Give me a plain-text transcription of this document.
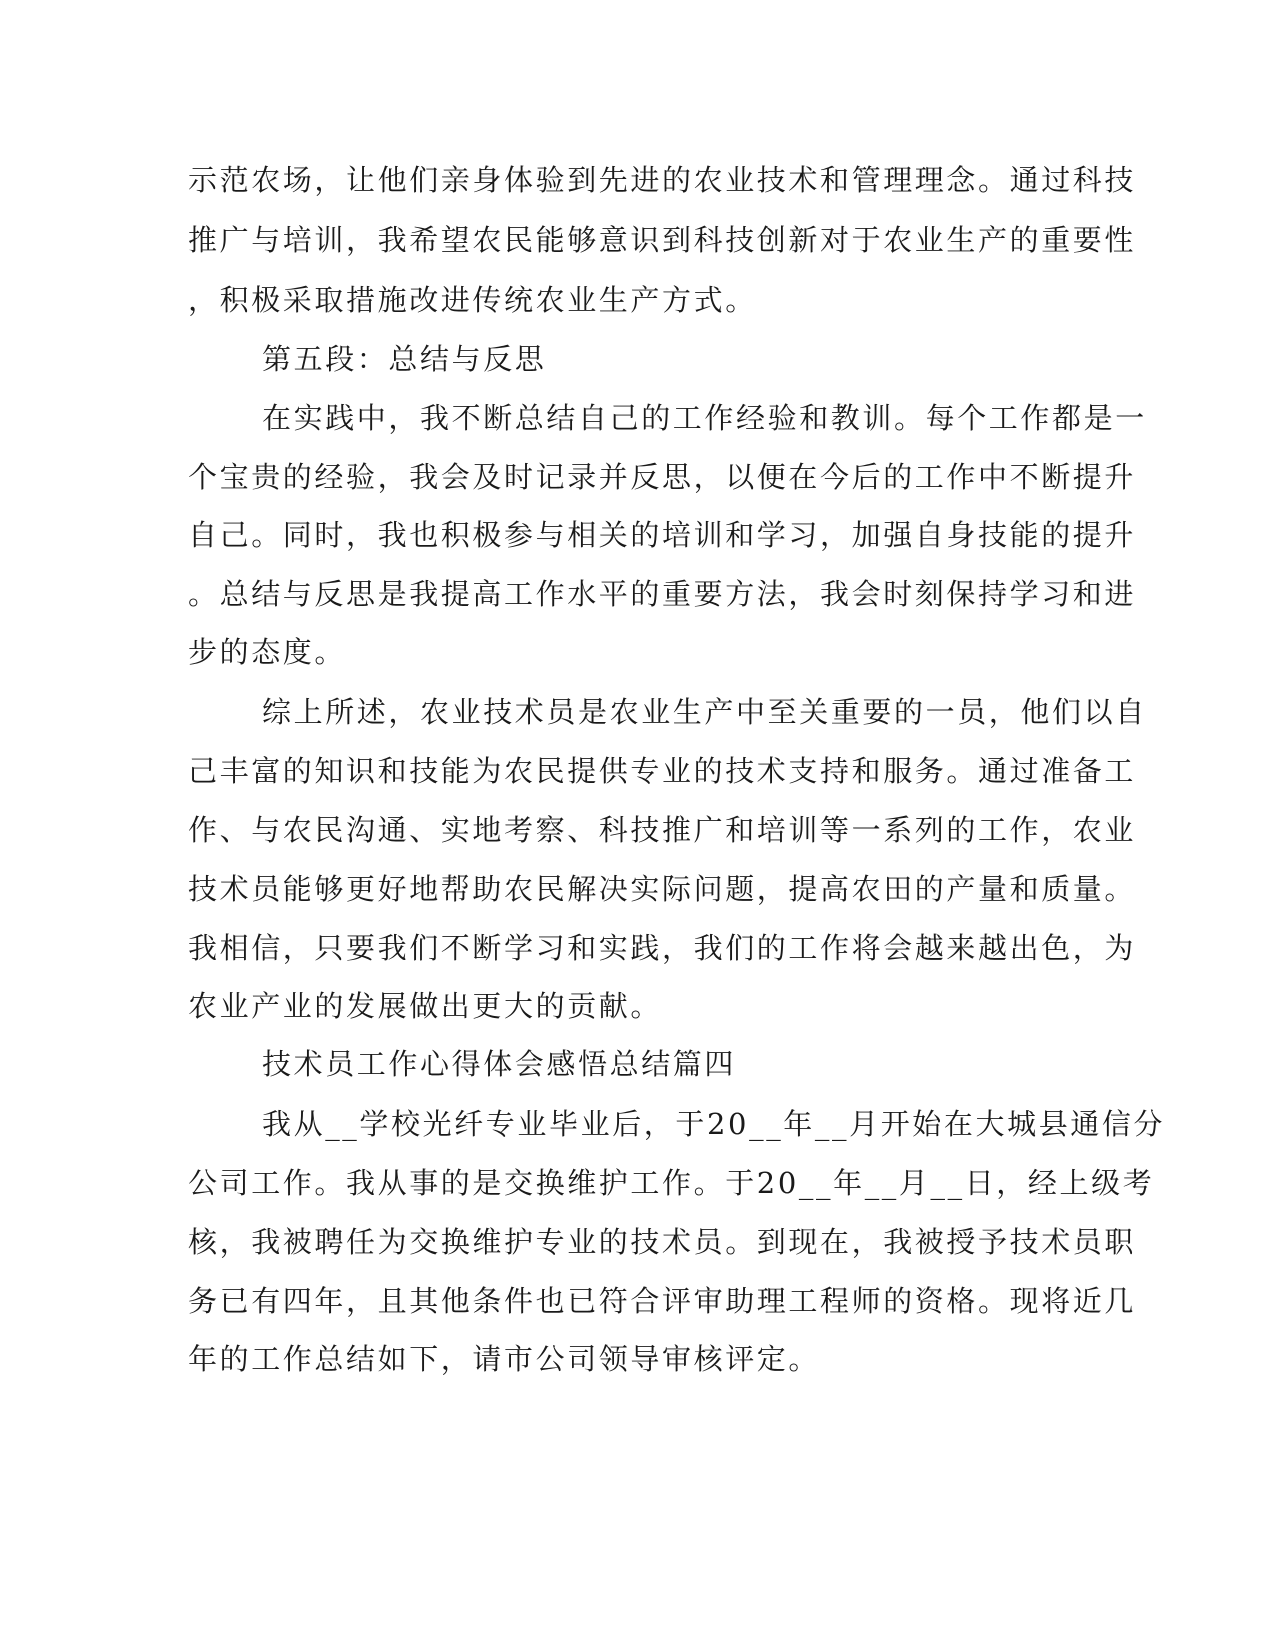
示范农场，让他们亲身体验到先进的农业技术和管理理念。通过科技
推广与培训，我希望农民能够意识到科技创新对于农业生产的重要性
，积极采取措施改进传统农业生产方式。
第五段：总结与反思
在实践中，我不断总结自己的工作经验和教训。每个工作都是一
个宝贵的经验，我会及时记录并反思，以便在今后的工作中不断提升
自己。同时，我也积极参与相关的培训和学习，加强自身技能的提升
。总结与反思是我提高工作水平的重要方法，我会时刻保持学习和进
步的态度。
综上所述，农业技术员是农业生产中至关重要的一员，他们以自
己丰富的知识和技能为农民提供专业的技术支持和服务。通过准备工
作、与农民沟通、实地考察、科技推广和培训等一系列的工作，农业
技术员能够更好地帮助农民解决实际问题，提高农田的产量和质量。
我相信，只要我们不断学习和实践，我们的工作将会越来越出色，为
农业产业的发展做出更大的贡献。
技术员工作心得体会感悟总结篇四
我从__学校光纤专业毕业后，于20__年__月开始在大城县通信分
公司工作。我从事的是交换维护工作。于20__年__月__日，经上级考
核，我被聘任为交换维护专业的技术员。到现在，我被授予技术员职
务已有四年，且其他条件也已符合评审助理工程师的资格。现将近几
年的工作总结如下，请市公司领导审核评定。
